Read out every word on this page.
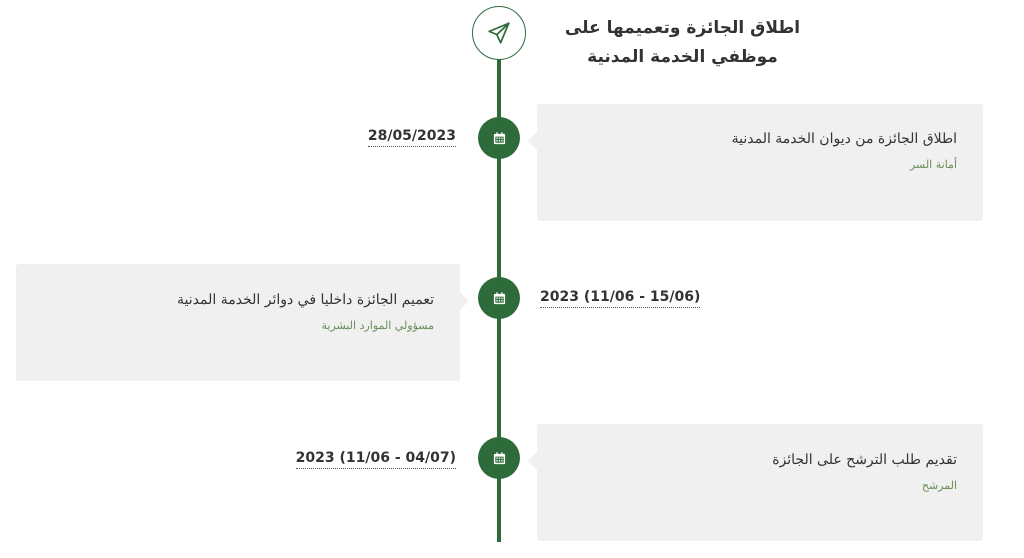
اطلاق الجائزة وتعميمها على موظفي الخدمة المدنية
28/05/2023	اطلاق الجائزة من ديوان الخدمة المدنية
أمانة السر
2023 (11/06 - 15/06)
تعميم الجائزة داخليا في دوائر الخدمة المدنية
مسؤولي الموارد البشرية
2023 (11/06 - 04/07)	تقديم طلب الترشح على الجائزة
المرشح
